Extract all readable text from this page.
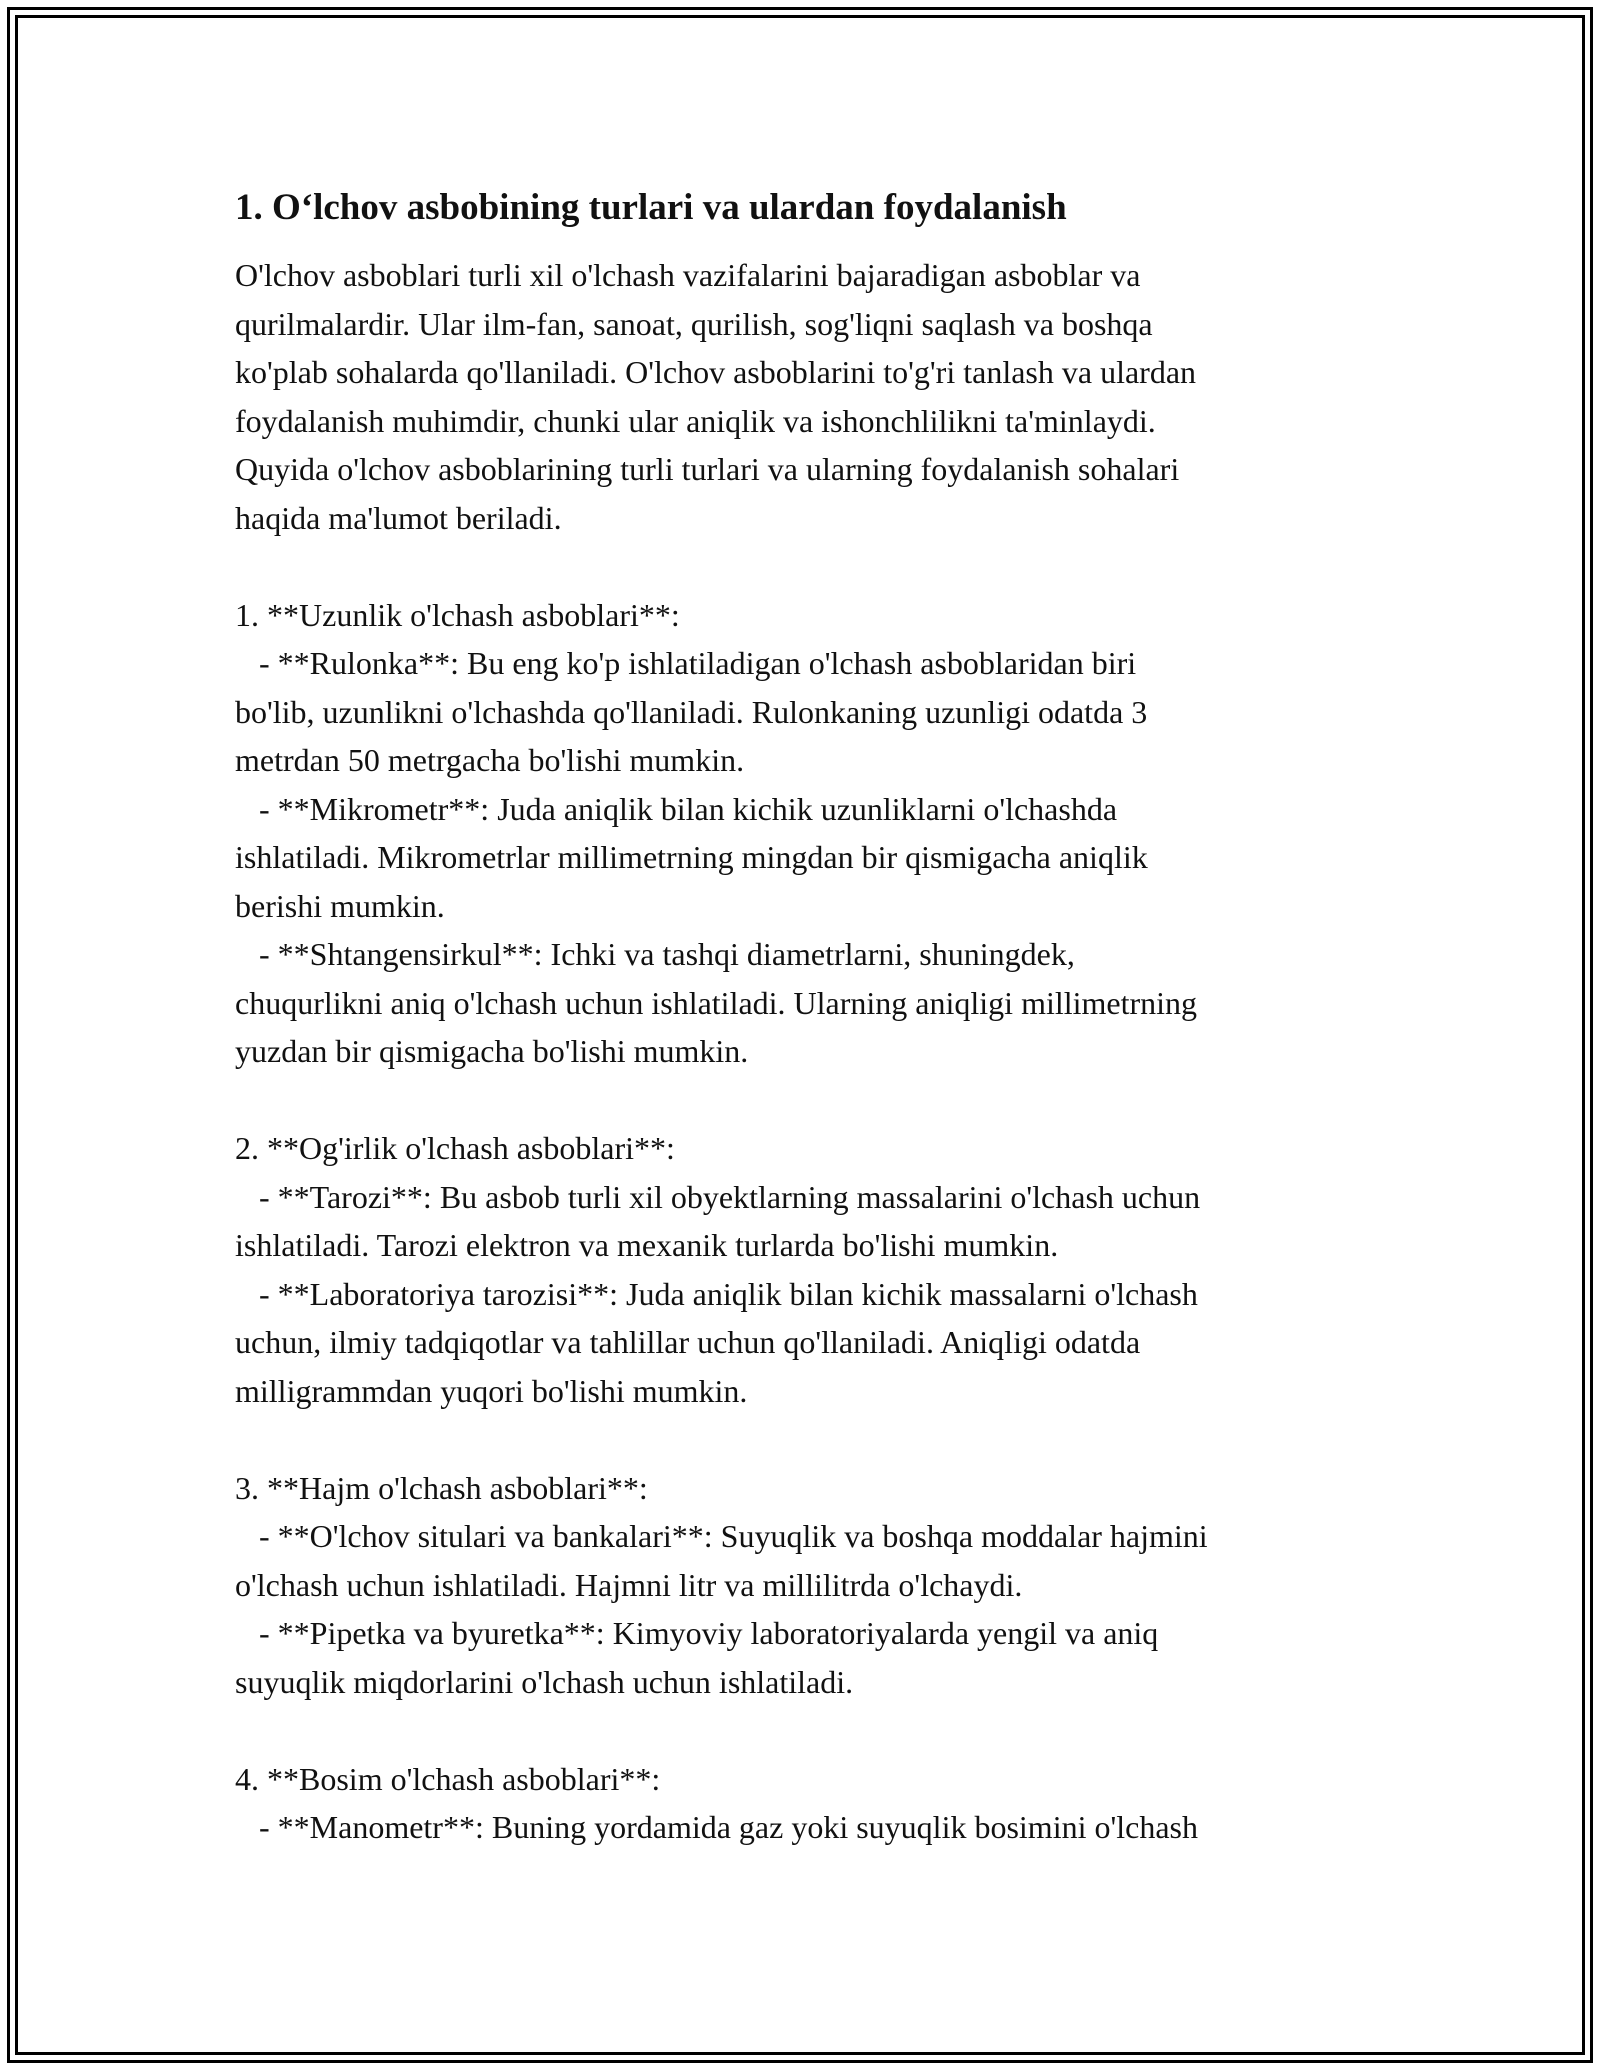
1. O‘lchov asbobining turlari va ulardan foydalanish
O'lchov asboblari turli xil o'lchash vazifalarini bajaradigan asboblar va
qurilmalardir. Ular ilm-fan, sanoat, qurilish, sog'liqni saqlash va boshqa
ko'plab sohalarda qo'llaniladi. O'lchov asboblarini to'g'ri tanlash va ulardan
foydalanish muhimdir, chunki ular aniqlik va ishonchlilikni ta'minlaydi.
Quyida o'lchov asboblarining turli turlari va ularning foydalanish sohalari
haqida ma'lumot beriladi.
1. **Uzunlik o'lchash asboblari**:
- **Rulonka**: Bu eng ko'p ishlatiladigan o'lchash asboblaridan biri
bo'lib, uzunlikni o'lchashda qo'llaniladi. Rulonkaning uzunligi odatda 3
metrdan 50 metrgacha bo'lishi mumkin.
- **Mikrometr**: Juda aniqlik bilan kichik uzunliklarni o'lchashda
ishlatiladi. Mikrometrlar millimetrning mingdan bir qismigacha aniqlik
berishi mumkin.
- **Shtangensirkul**: Ichki va tashqi diametrlarni, shuningdek,
chuqurlikni aniq o'lchash uchun ishlatiladi. Ularning aniqligi millimetrning
yuzdan bir qismigacha bo'lishi mumkin.
2. **Og'irlik o'lchash asboblari**:
- **Tarozi**: Bu asbob turli xil obyektlarning massalarini o'lchash uchun
ishlatiladi. Tarozi elektron va mexanik turlarda bo'lishi mumkin.
- **Laboratoriya tarozisi**: Juda aniqlik bilan kichik massalarni o'lchash
uchun, ilmiy tadqiqotlar va tahlillar uchun qo'llaniladi. Aniqligi odatda
milligrammdan yuqori bo'lishi mumkin.
3. **Hajm o'lchash asboblari**:
- **O'lchov situlari va bankalari**: Suyuqlik va boshqa moddalar hajmini
o'lchash uchun ishlatiladi. Hajmni litr va millilitrda o'lchaydi.
- **Pipetka va byuretka**: Kimyoviy laboratoriyalarda yengil va aniq
suyuqlik miqdorlarini o'lchash uchun ishlatiladi.
4. **Bosim o'lchash asboblari**:
- **Manometr**: Buning yordamida gaz yoki suyuqlik bosimini o'lchash
